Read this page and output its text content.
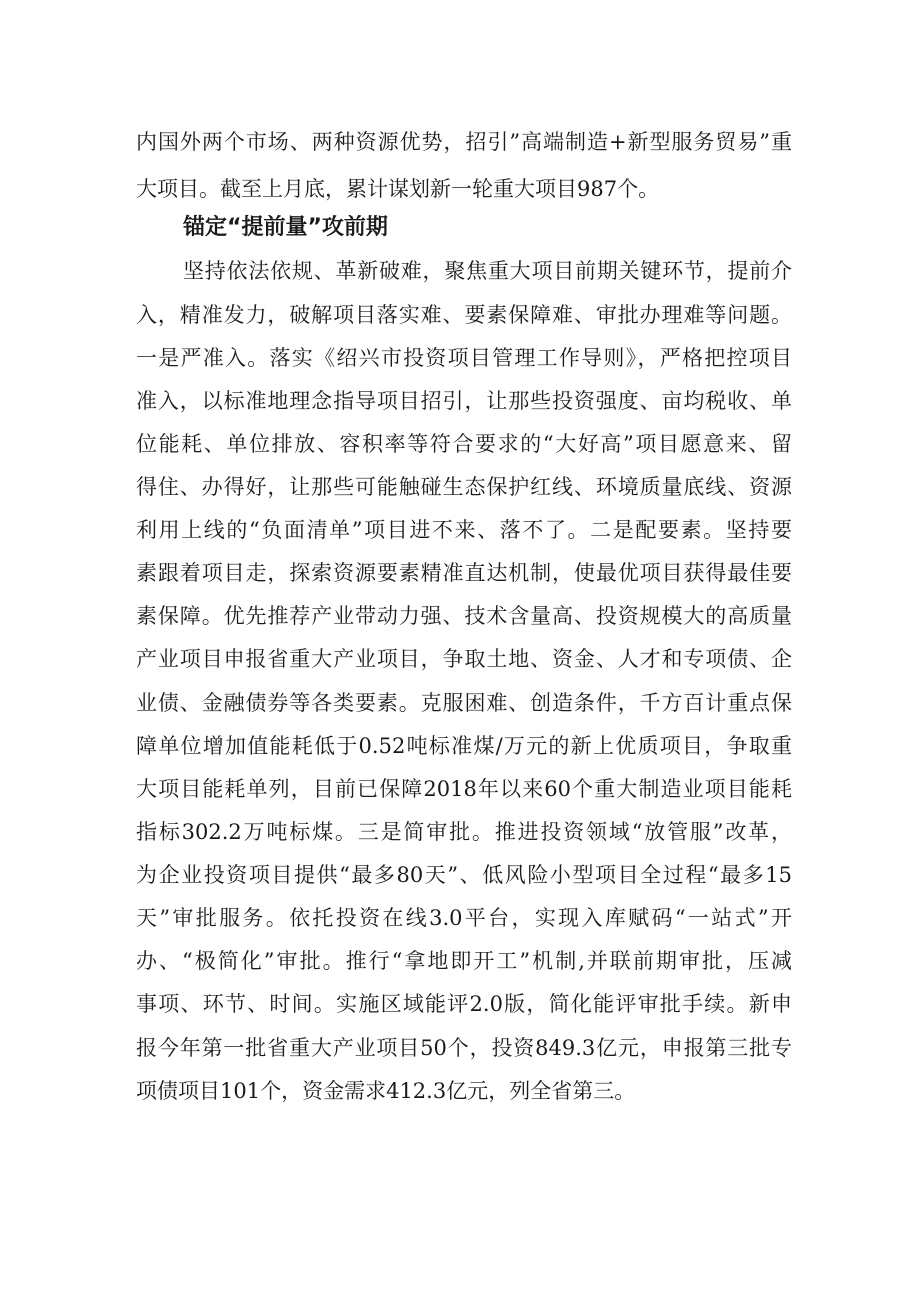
内国外两个市场、两种资源优势，招引”高端制造+新型服务贸易”重
大项目。截至上月底，累计谋划新一轮重大项目987个。
锚定“提前量”攻前期
坚持依法依规、革新破难，聚焦重大项目前期关键环节，提前介
入，精准发力，破解项目落实难、要素保障难、审批办理难等问题。
一是严准入。落实《绍兴市投资项目管理工作导则》，严格把控项目
准入，以标准地理念指导项目招引，让那些投资强度、亩均税收、单
位能耗、单位排放、容积率等符合要求的“大好高”项目愿意来、留
得住、办得好，让那些可能触碰生态保护红线、环境质量底线、资源
利用上线的“负面清单”项目进不来、落不了。二是配要素。坚持要
素跟着项目走，探索资源要素精准直达机制，使最优项目获得最佳要
素保障。优先推荐产业带动力强、技术含量高、投资规模大的高质量
产业项目申报省重大产业项目，争取土地、资金、人才和专项债、企
业债、金融债券等各类要素。克服困难、创造条件，千方百计重点保
障单位增加值能耗低于0.52吨标准煤/万元的新上优质项目，争取重
大项目能耗单列，目前已保障2018年以来60个重大制造业项目能耗
指标302.2万吨标煤。三是简审批。推进投资领域“放管服”改革，
为企业投资项目提供“最多80天”、低风险小型项目全过程“最多15
天”审批服务。依托投资在线3.0平台，实现入库赋码“一站式”开
办、“极简化”审批。推行“拿地即开工”机制,并联前期审批，压减
事项、环节、时间。实施区域能评2.0版，简化能评审批手续。新申
报今年第一批省重大产业项目50个，投资849.3亿元，申报第三批专
项债项目101个，资金需求412.3亿元，列全省第三。
